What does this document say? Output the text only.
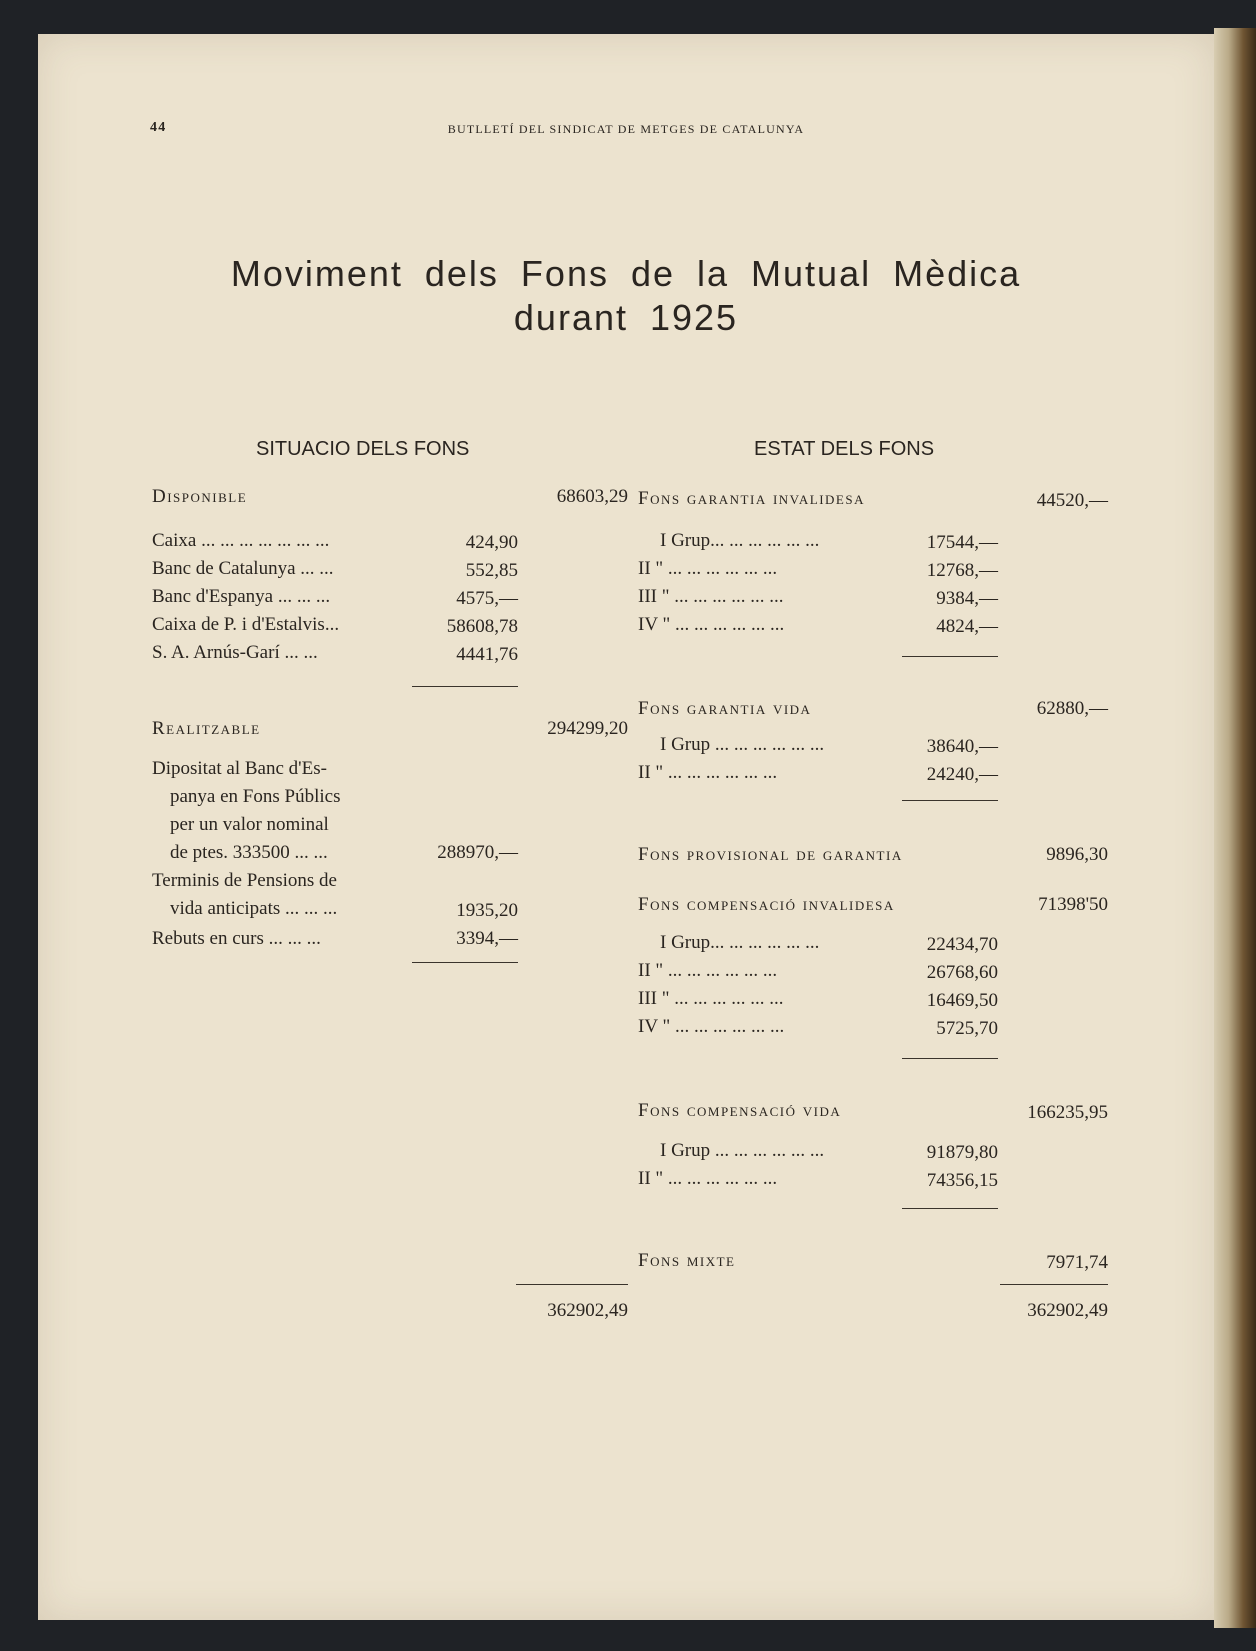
44	BUTLLETÍ DEL SINDICAT DE METGES DE CATALUNYA
Moviment dels Fons de la Mutual Mèdica
durant 1925
SITUACIO DELS FONS
Disponible	68603,29
Caixa ... ... ... ... ... ... ...	424,90
Banc de Catalunya ... ...	552,85
Banc d'Espanya ... ... ...	4575,—
Caixa de P. i d'Estalvis...	58608,78
S. A. Arnús-Garí ... ...	4441,76
Realitzable	294299,20
Dipositat al Banc d'Es-
panya en Fons Públics
per un valor nominal
de ptes. 333500 ... ...	288970,—
Terminis de Pensions de
vida anticipats ... ... ...	1935,20
Rebuts en curs ... ... ...	3394,—
362902,49
ESTAT DELS FONS
Fons garantia invalidesa	44520,—
I Grup... ... ... ... ... ...	17544,—
II " ... ... ... ... ... ...	12768,—
III " ... ... ... ... ... ...	9384,—
IV " ... ... ... ... ... ...	4824,—
Fons garantia vida	62880,—
I Grup ... ... ... ... ... ...	38640,—
II " ... ... ... ... ... ...	24240,—
Fons provisional de garantia	9896,30
Fons compensació invalidesa	71398'50
I Grup... ... ... ... ... ...	22434,70
II " ... ... ... ... ... ...	26768,60
III " ... ... ... ... ... ...	16469,50
IV " ... ... ... ... ... ...	5725,70
Fons compensació vida	166235,95
I Grup ... ... ... ... ... ...	91879,80
II " ... ... ... ... ... ...	74356,15
Fons mixte	7971,74
362902,49
